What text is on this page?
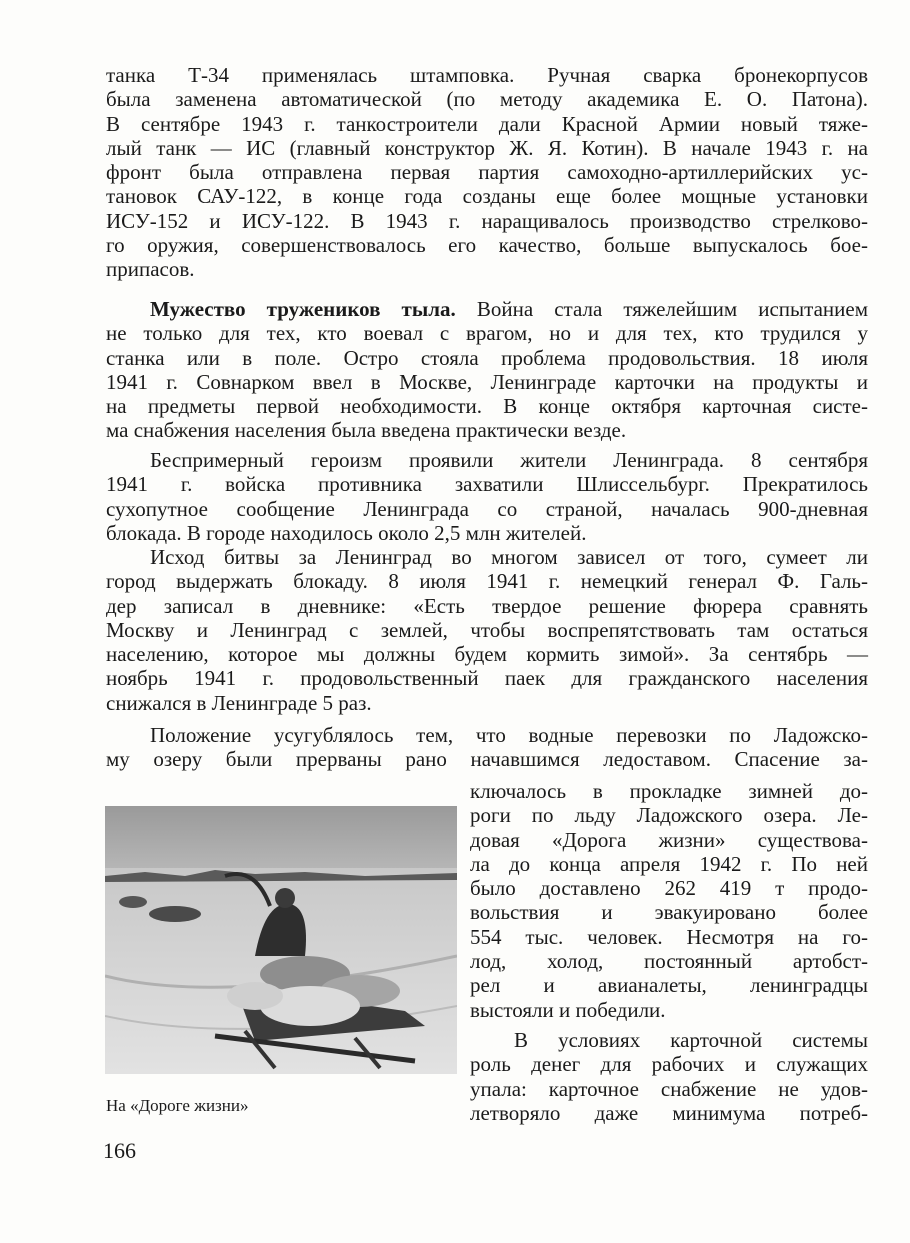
танка Т-34 применялась штамповка. Ручная сварка бронекорпусов
была заменена автоматической (по методу академика Е. О. Патона).
В сентябре 1943 г. танкостроители дали Красной Армии новый тяже-
лый танк — ИС (главный конструктор Ж. Я. Котин). В начале 1943 г. на
фронт была отправлена первая партия самоходно-артиллерийских ус-
тановок САУ-122, в конце года созданы еще более мощные установки
ИСУ-152 и ИСУ-122. В 1943 г. наращивалось производство стрелково-
го оружия, совершенствовалось его качество, больше выпускалось бое-
припасов.
Мужество тружеников тыла. Война стала тяжелейшим испытанием
не только для тех, кто воевал с врагом, но и для тех, кто трудился у
станка или в поле. Остро стояла проблема продовольствия. 18 июля
1941 г. Совнарком ввел в Москве, Ленинграде карточки на продукты и
на предметы первой необходимости. В конце октября карточная систе-
ма снабжения населения была введена практически везде.
Беспримерный героизм проявили жители Ленинграда. 8 сентября
1941 г. войска противника захватили Шлиссельбург. Прекратилось
сухопутное сообщение Ленинграда со страной, началась 900-дневная
блокада. В городе находилось около 2,5 млн жителей.
Исход битвы за Ленинград во многом зависел от того, сумеет ли
город выдержать блокаду. 8 июля 1941 г. немецкий генерал Ф. Галь-
дер записал в дневнике: «Есть твердое решение фюрера сравнять
Москву и Ленинград с землей, чтобы воспрепятствовать там остаться
населению, которое мы должны будем кормить зимой». За сентябрь —
ноябрь 1941 г. продовольственный паек для гражданского населения
снижался в Ленинграде 5 раз.
Положение усугублялось тем, что водные перевозки по Ладожско-
му озеру были прерваны рано начавшимся ледоставом. Спасение за-
ключалось в прокладке зимней до-
роги по льду Ладожского озера. Ле-
довая «Дорога жизни» существова-
ла до конца апреля 1942 г. По ней
было доставлено 262 419 т продо-
вольствия и эвакуировано более
554 тыс. человек. Несмотря на го-
лод, холод, постоянный артобст-
рел и авианалеты, ленинградцы
выстояли и победили.
В условиях карточной системы
роль денег для рабочих и служащих
упала: карточное снабжение не удов-
летворяло даже минимума потреб-
На «Дороге жизни»
166
